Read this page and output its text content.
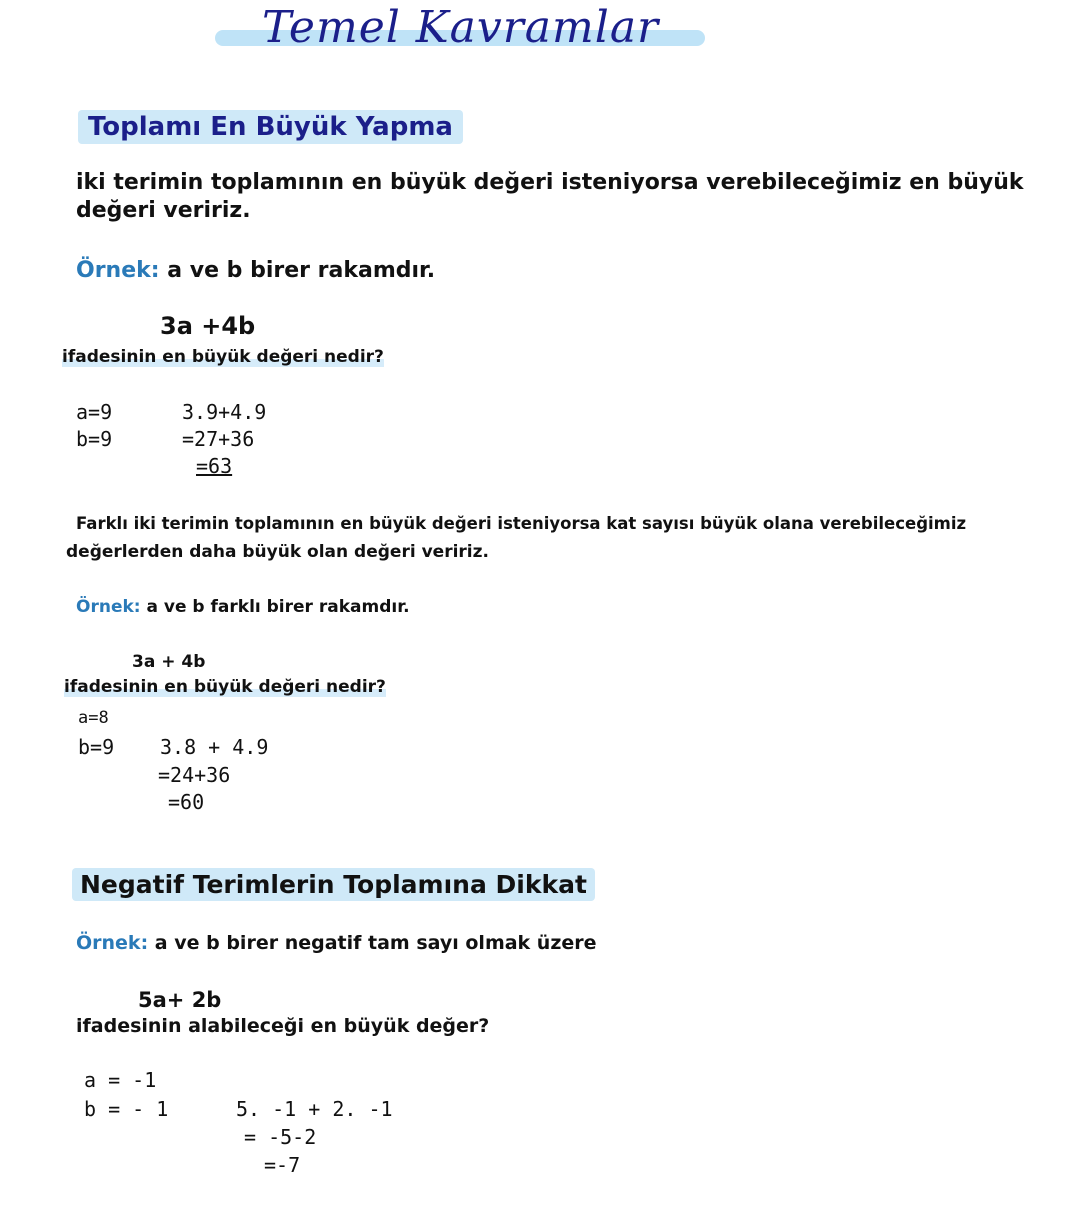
Temel Kavramlar
Toplamı En Büyük Yapma
iki terimin toplamının en büyük değeri isteniyorsa verebileceğimiz en büyük
değeri veririz.
Örnek: a ve b birer rakamdır.
3a +4b
ifadesinin en büyük değeri nedir?
a=9
b=9
3.9+4.9
=27+36
=63
Farklı iki terimin toplamının en büyük değeri isteniyorsa kat sayısı büyük olana verebileceğimiz
değerlerden daha büyük olan değeri veririz.
Örnek: a ve b farklı birer rakamdır.
3a + 4b
ifadesinin en büyük değeri nedir?
a=8
b=9 3.8 + 4.9
=24+36
=60
Negatif Terimlerin Toplamına Dikkat
Örnek: a ve b birer negatif tam sayı olmak üzere
5a+ 2b
ifadesinin alabileceği en büyük değer?
a = -1
b = - 1	5. -1 + 2. -1
= -5-2
=-7
